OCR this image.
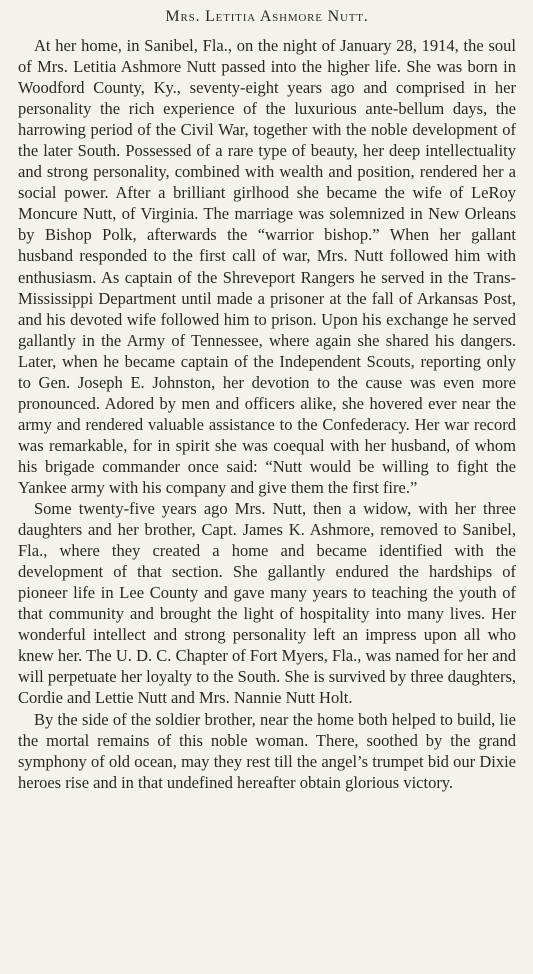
Mrs. Letitia Ashmore Nutt.

At her home, in Sanibel, Fla., on the night of January 28, 1914, the soul of Mrs. Letitia Ashmore Nutt passed into the higher life. She was born in Woodford County, Ky., seventy-eight years ago and comprised in her personality the rich experience of the luxurious ante-bellum days, the harrowing period of the Civil War, together with the noble development of the later South. Possessed of a rare type of beauty, her deep intellectuality and strong personality, combined with wealth and position, rendered her a social power. After a brilliant girlhood she became the wife of LeRoy Moncure Nutt, of Virginia. The marriage was solemnized in New Orleans by Bishop Polk, afterwards the “warrior bishop.” When her gallant husband responded to the first call of war, Mrs. Nutt followed him with enthusiasm. As captain of the Shreveport Rangers he served in the Trans-Mississippi Department until made a prisoner at the fall of Arkansas Post, and his devoted wife followed him to prison. Upon his exchange he served gallantly in the Army of Tennessee, where again she shared his dangers. Later, when he became captain of the Independent Scouts, reporting only to Gen. Joseph E. Johnston, her devotion to the cause was even more pronounced. Adored by men and officers alike, she hovered ever near the army and rendered valuable assistance to the Confederacy. Her war record was remarkable, for in spirit she was coequal with her husband, of whom his brigade commander once said: “Nutt would be willing to fight the Yankee army with his company and give them the first fire.”

Some twenty-five years ago Mrs. Nutt, then a widow, with her three daughters and her brother, Capt. James K. Ashmore, removed to Sanibel, Fla., where they created a home and became identified with the development of that section. She gallantly endured the hardships of pioneer life in Lee County and gave many years to teaching the youth of that community and brought the light of hospitality into many lives. Her wonderful intellect and strong personality left an impress upon all who knew her. The U. D. C. Chapter of Fort Myers, Fla., was named for her and will perpetuate her loyalty to the South. She is survived by three daughters, Cordie and Lettie Nutt and Mrs. Nannie Nutt Holt.

By the side of the soldier brother, near the home both helped to build, lie the mortal remains of this noble woman. There, soothed by the grand symphony of old ocean, may they rest till the angel’s trumpet bid our Dixie heroes rise and in that undefined hereafter obtain glorious victory.
